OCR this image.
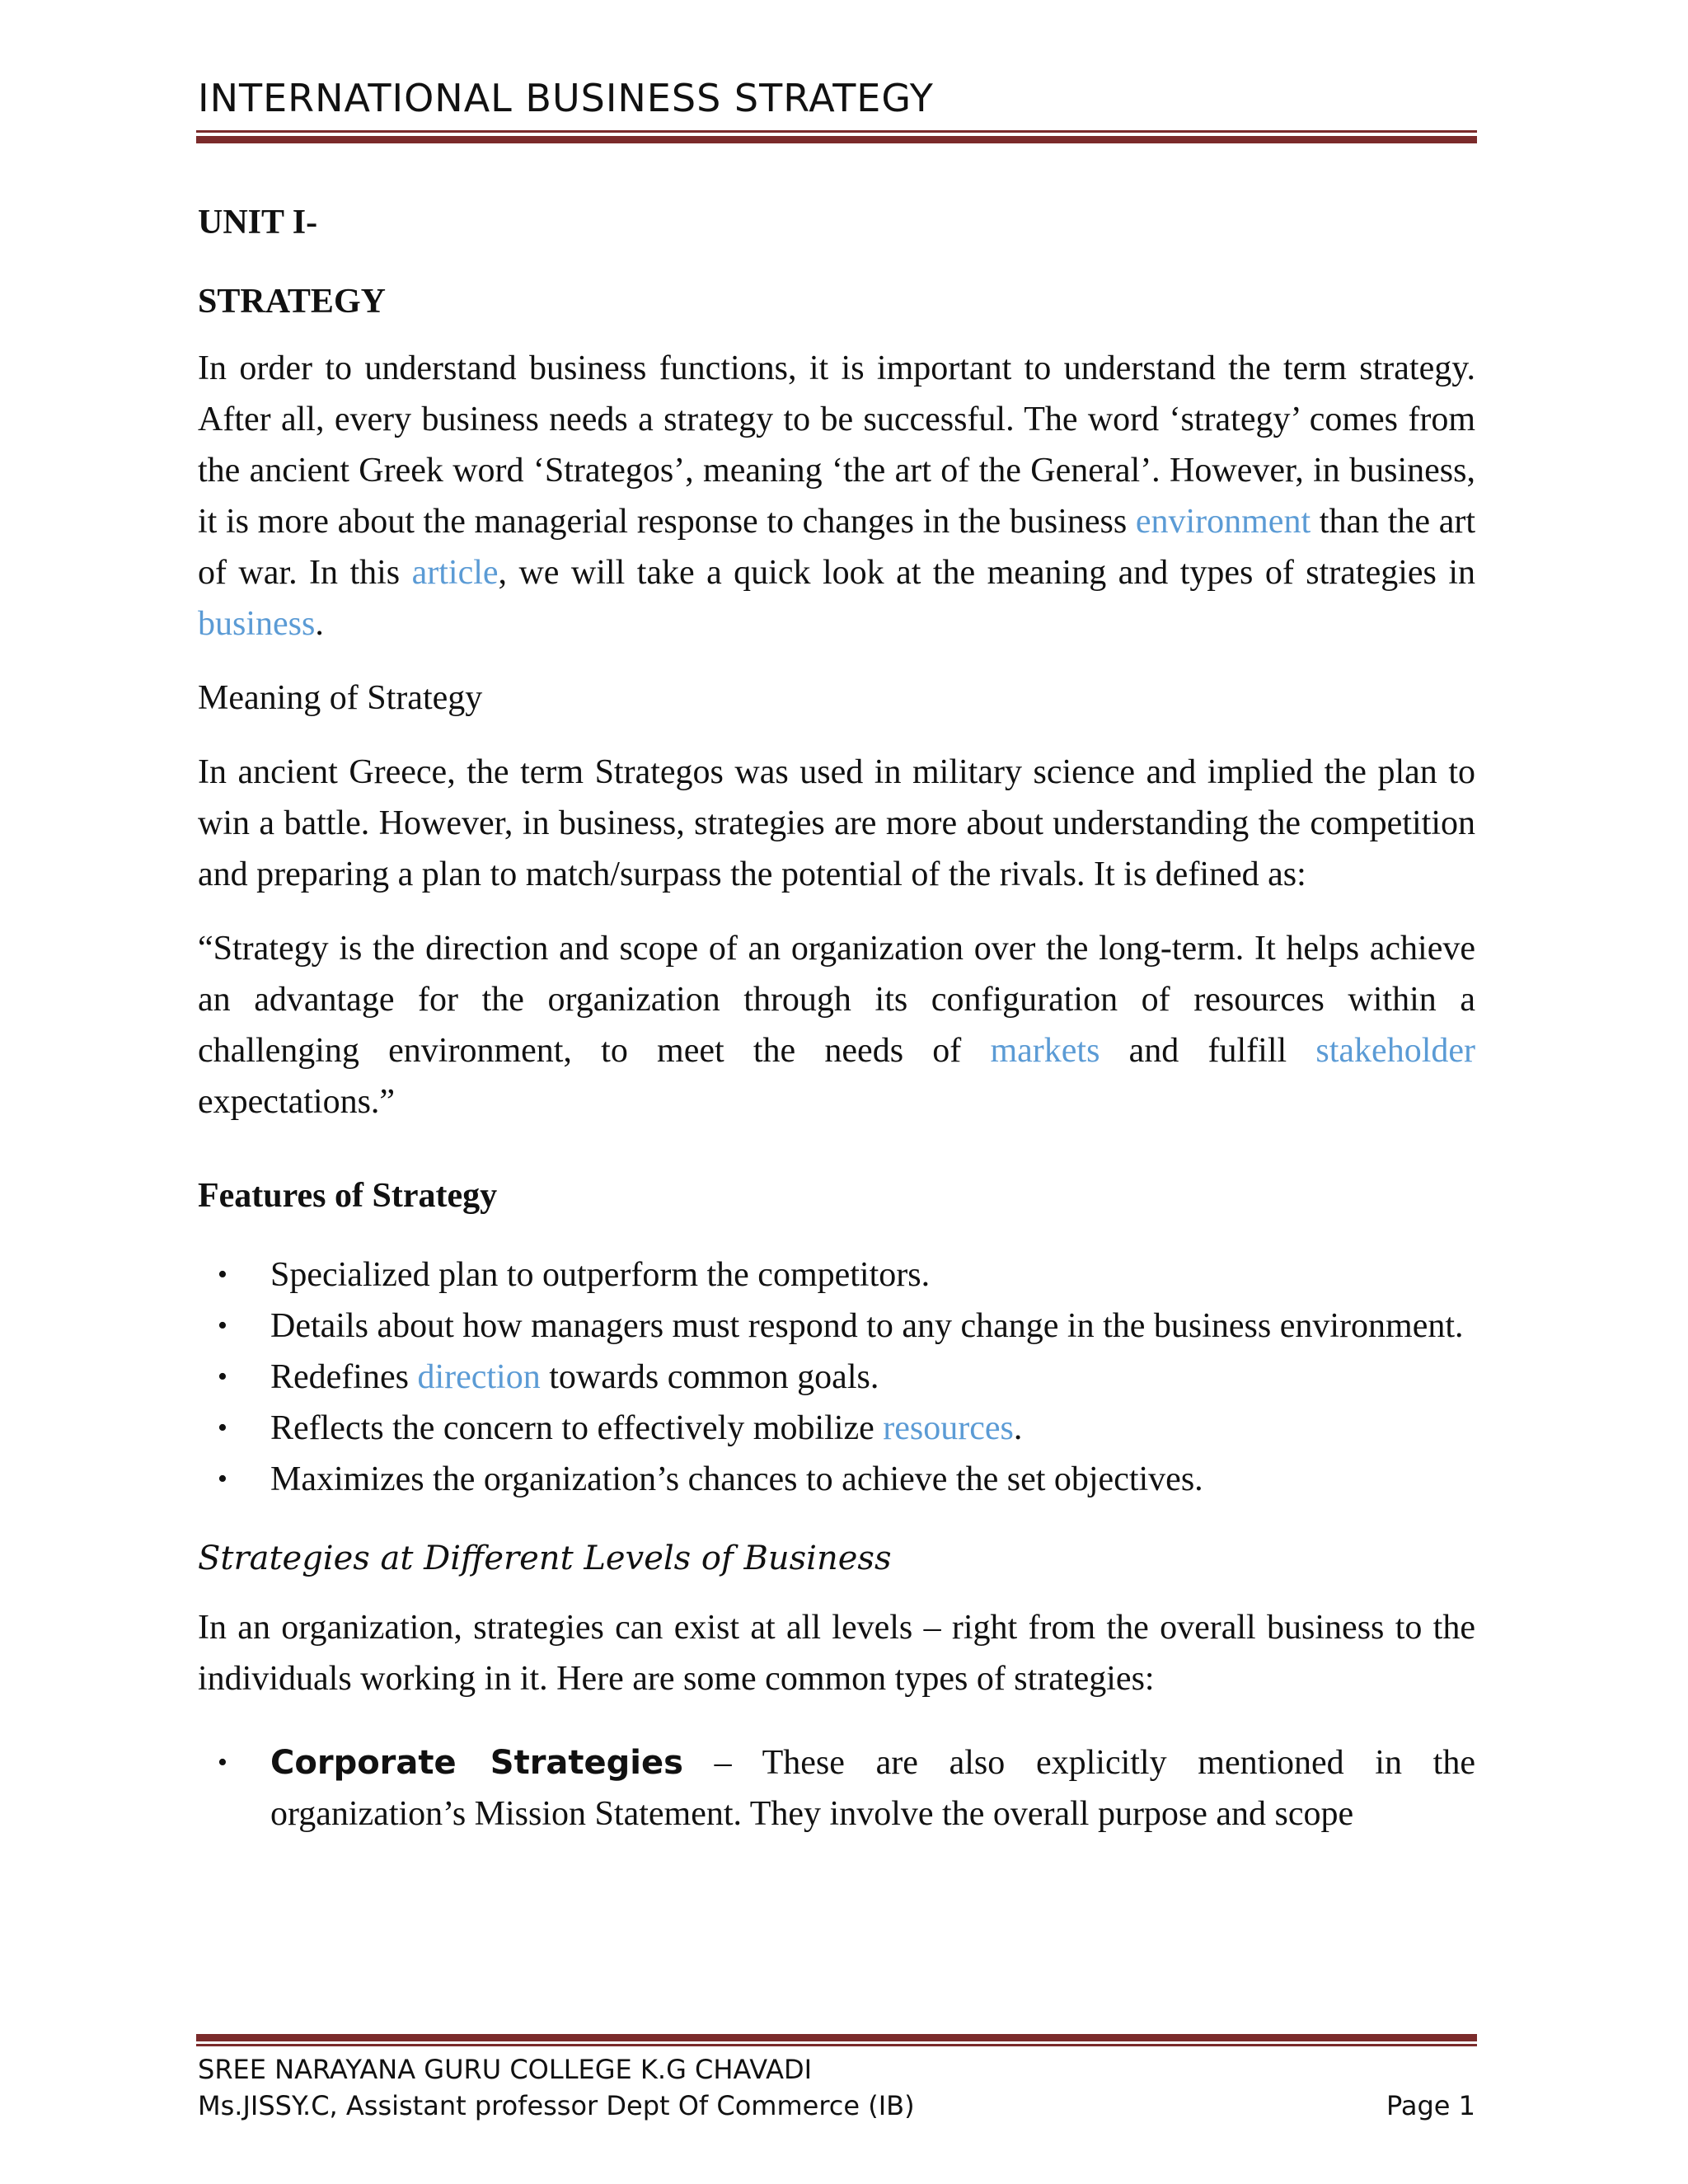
INTERNATIONAL BUSINESS STRATEGY
UNIT I-
STRATEGY

In order to understand business functions, it is important to understand the term strategy. After all, every business needs a strategy to be successful. The word ‘strategy’ comes from the ancient Greek word ‘Strategos’, meaning ‘the art of the General’. However, in business, it is more about the managerial response to changes in the business environment than the art of war. In this article, we will take a quick look at the meaning and types of strategies in business.

Meaning of Strategy

In ancient Greece, the term Strategos was used in military science and implied the plan to win a battle. However, in business, strategies are more about understanding the competition and preparing a plan to match/surpass the potential of the rivals. It is defined as:

“Strategy is the direction and scope of an organization over the long-term. It helps achieve an advantage for the organization through its configuration of resources within a challenging environment, to meet the needs of markets and fulfill stakeholder expectations.”

Features of Strategy
• Specialized plan to outperform the competitors.
• Details about how managers must respond to any change in the business environment.
• Redefines direction towards common goals.
• Reflects the concern to effectively mobilize resources.
• Maximizes the organization’s chances to achieve the set objectives.
Strategies at Different Levels of Business

In an organization, strategies can exist at all levels – right from the overall business to the individuals working in it. Here are some common types of strategies:

• Corporate Strategies – These are also explicitly mentioned in the organization’s Mission Statement. They involve the overall purpose and scope
SREE NARAYANA GURU COLLEGE K.G CHAVADI
Ms.JISSY.C, Assistant professor Dept Of Commerce (IB)	Page 1
